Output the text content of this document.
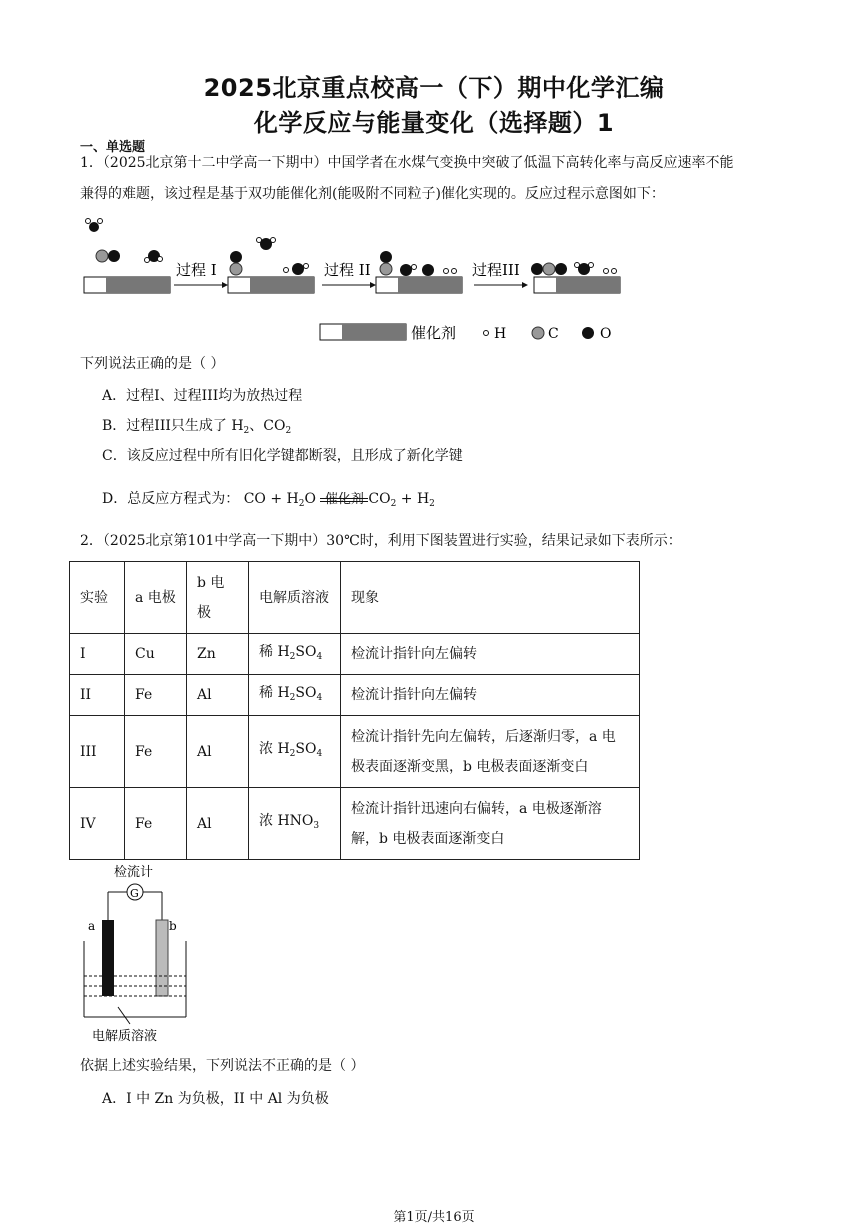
2025北京重点校高一（下）期中化学汇编
化学反应与能量变化（选择题）1
一、单选题
1．（2025北京第十二中学高一下期中）中国学者在水煤气变换中突破了低温下高转化率与高反应速率不能
兼得的难题，该过程是基于双功能催化剂(能吸附不同粒子)催化实现的。反应过程示意图如下：
过程 I	过程 II	过程III
催化剂	H	C	O
下列说法正确的是（ ）
A．过程I、过程III均为放热过程
B．过程III只生成了 $H_2$、$CO_2$
C．该反应过程中所有旧化学键都断裂，且形成了新化学键
D．总反应方程式为： CO + $H_2O$ 催化剂 $CO_2 + H_2$
2．（2025北京第101中学高一下期中）30℃时，利用下图装置进行实验，结果记录如下表所示：
实验	a 电极	b 电极	电解质溶液	现象
I	Cu	Zn	稀 $H_2SO_4$	检流计指针向左偏转
II	Fe	Al	稀 $H_2SO_4$	检流计指针向左偏转
III	Fe	Al	浓 $H_2SO_4$	检流计指针先向左偏转，后逐渐归零，a 电
极表面逐渐变黑，b 电极表面逐渐变白

IV	Fe	Al	浓 $HNO_3$	检流计指针迅速向右偏转，a 电极逐渐溶
解，b 电极表面逐渐变白
检流计
G
a	b
电解质溶液
依据上述实验结果，下列说法不正确的是（ ）
A．I 中 Zn 为负极，II 中 Al 为负极
第1页/共16页
